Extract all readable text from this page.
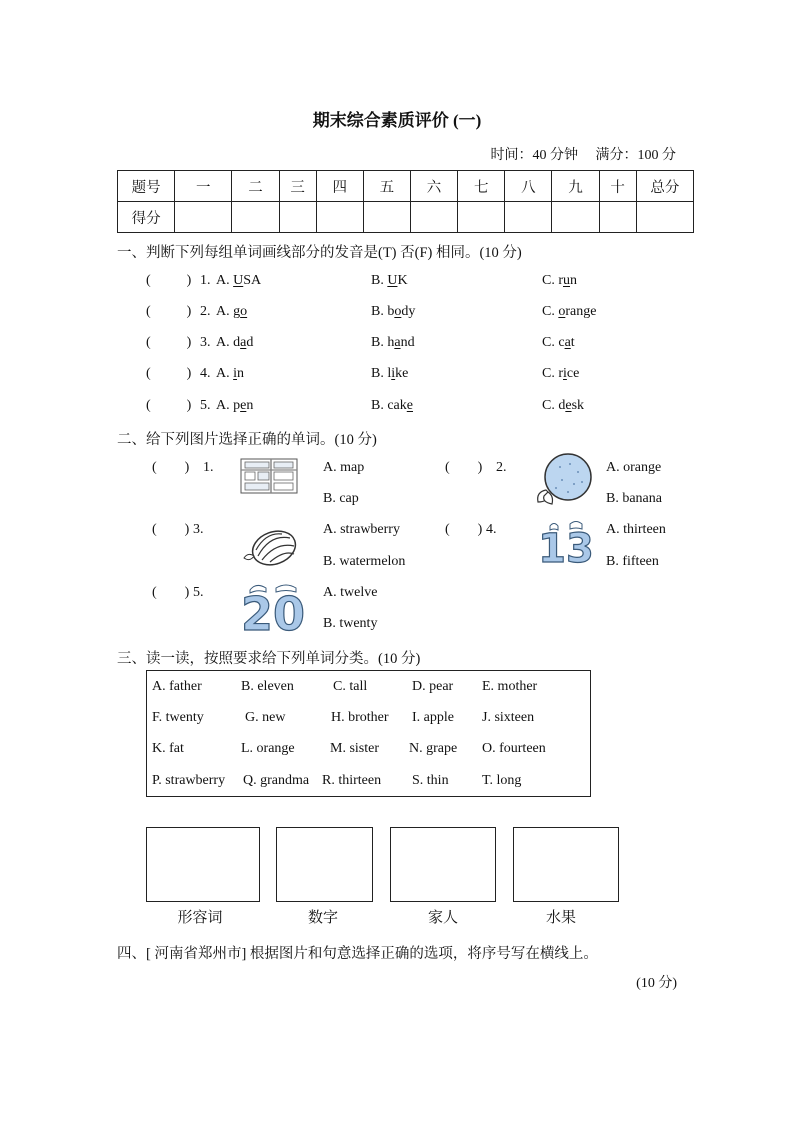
期末综合素质评价 (一)
时间：40 分钟 满分：100 分
题号	一	二	三	四	五	六	七	八	九	十	总分
得分											
一、判断下列每组单词画线部分的发音是(T) 否(F) 相同。(10 分)
(	) 1. A. USA	B. UK	C. run
(	) 2. A. go	B. body	C. orange
(	) 3. A. dad	B. hand	C. cat
(	) 4. A. in	B. like	C. rice
(	) 5. A. pen	B. cake	C. desk
二、给下列图片选择正确的单词。(10 分)
( ) 1.	A. map
B. cap
( ) 2.	A. orange
B. banana
( ) 3.	A. strawberry
B. watermelon
( ) 4. 13 A. thirteen
B. fifteen
( ) 5. 20 A. twelve
B. twenty
三、读一读，按照要求给下列单词分类。(10 分)
A. father	B. eleven	C. tall	D. pear E. mother
F. twenty	G. new	H. brother I. apple J. sixteen
K. fat	L. orange	M. sister N. grape O. fourteen
P. strawberry Q. grandma R. thirteen S. thin T. long
形容词	数字	家人	水果
四、[ 河南省郑州市] 根据图片和句意选择正确的选项，将序号写在横线上。
(10 分)
